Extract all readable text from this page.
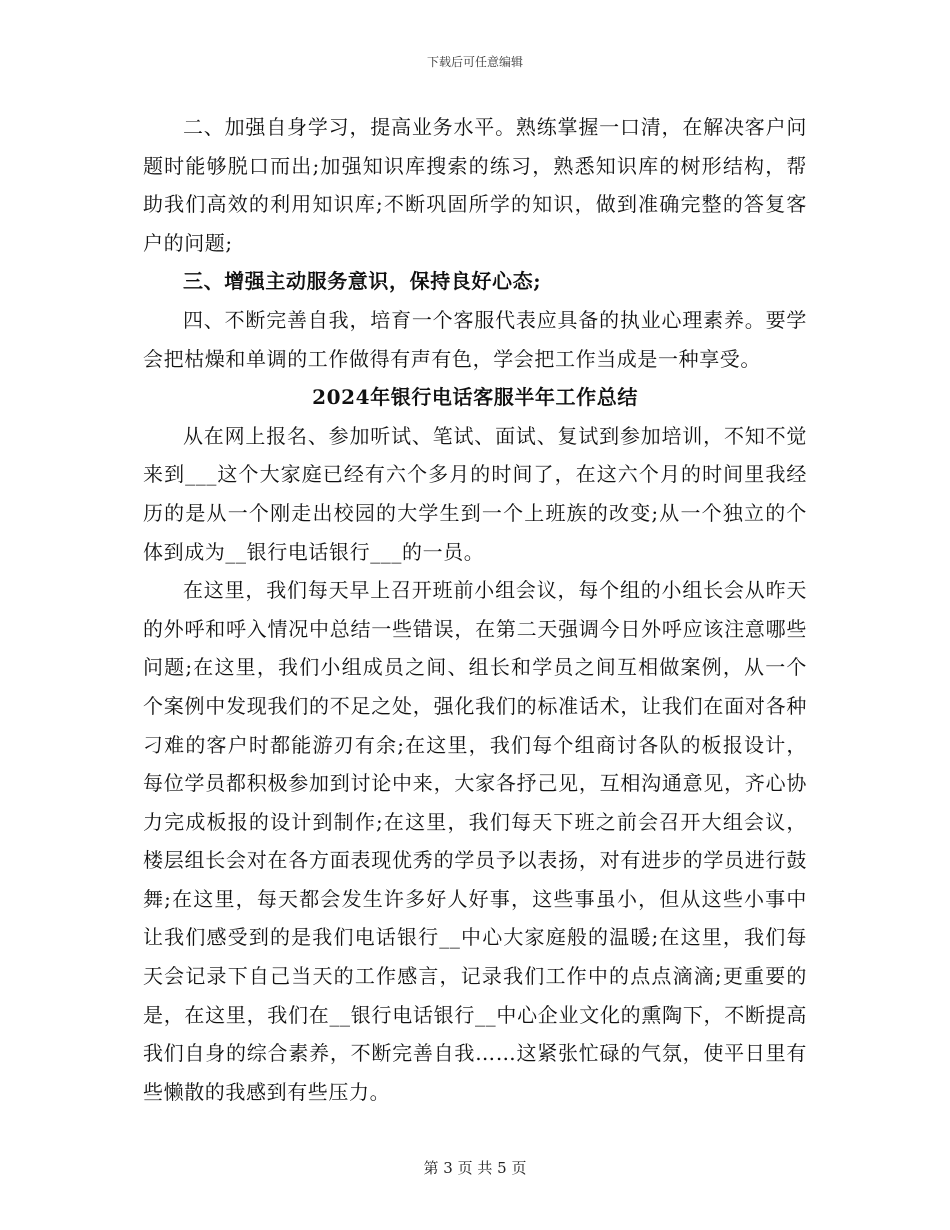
下载后可任意编辑

二、加强自身学习，提高业务水平。熟练掌握一口清，在解决客户问题时能够脱口而出;加强知识库搜索的练习，熟悉知识库的树形结构，帮助我们高效的利用知识库;不断巩固所学的知识，做到准确完整的答复客户的问题;

三、增强主动服务意识，保持良好心态;

四、不断完善自我，培育一个客服代表应具备的执业心理素养。要学会把枯燥和单调的工作做得有声有色，学会把工作当成是一种享受。

2024年银行电话客服半年工作总结

从在网上报名、参加听试、笔试、面试、复试到参加培训，不知不觉来到___这个大家庭已经有六个多月的时间了，在这六个月的时间里我经历的是从一个刚走出校园的大学生到一个上班族的改变;从一个独立的个体到成为__银行电话银行___的一员。

在这里，我们每天早上召开班前小组会议，每个组的小组长会从昨天的外呼和呼入情况中总结一些错误，在第二天强调今日外呼应该注意哪些问题;在这里，我们小组成员之间、组长和学员之间互相做案例，从一个个案例中发现我们的不足之处，强化我们的标准话术，让我们在面对各种刁难的客户时都能游刃有余;在这里，我们每个组商讨各队的板报设计，每位学员都积极参加到讨论中来，大家各抒己见，互相沟通意见，齐心协力完成板报的设计到制作;在这里，我们每天下班之前会召开大组会议，楼层组长会对在各方面表现优秀的学员予以表扬，对有进步的学员进行鼓舞;在这里，每天都会发生许多好人好事，这些事虽小，但从这些小事中让我们感受到的是我们电话银行__中心大家庭般的温暖;在这里，我们每天会记录下自己当天的工作感言，记录我们工作中的点点滴滴;更重要的是，在这里，我们在__银行电话银行__中心企业文化的熏陶下，不断提高我们自身的综合素养，不断完善自我……这紧张忙碌的气氛，使平日里有些懒散的我感到有些压力。

第 3 页 共 5 页
